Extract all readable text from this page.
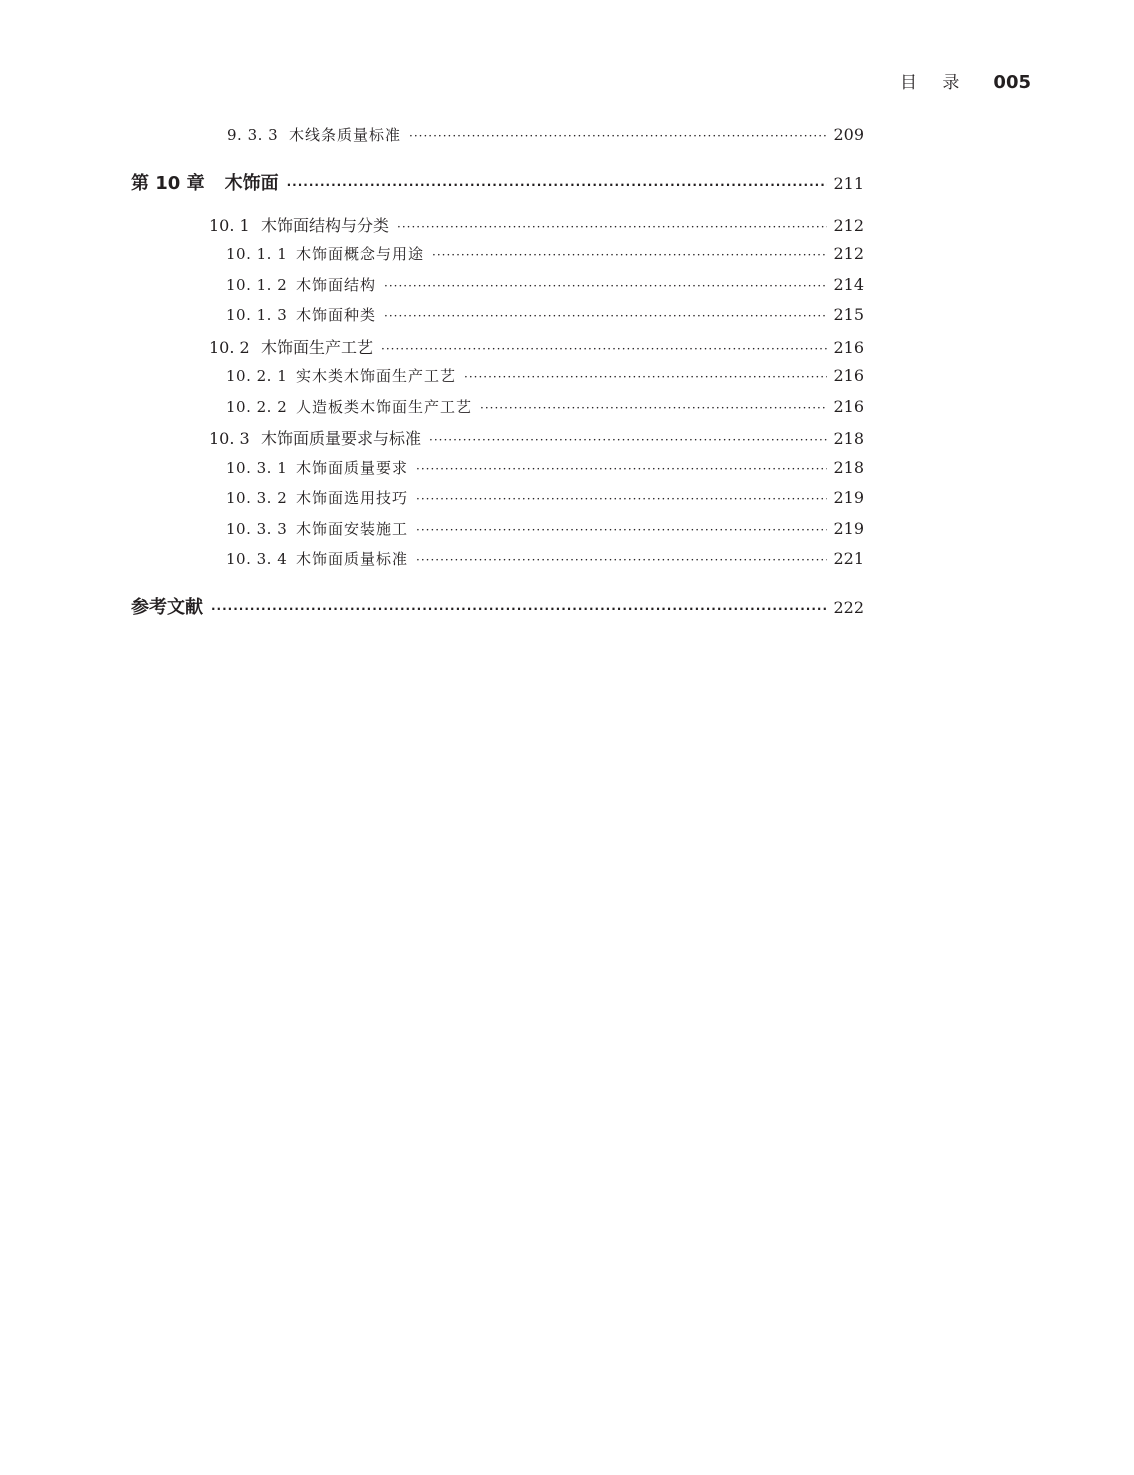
目 录 005
9. 3. 3 木线条质量标准 ·····	209
第 10 章 木饰面 ·····	211
10. 1 木饰面结构与分类 ·····	212
10. 1. 1 木饰面概念与用途 ·····	212
10. 1. 2 木饰面结构 ·····	214
10. 1. 3 木饰面种类 ·····	215
10. 2 木饰面生产工艺 ·····	216
10. 2. 1 实木类木饰面生产工艺 ·····	216
10. 2. 2 人造板类木饰面生产工艺 ·····	216
10. 3 木饰面质量要求与标准 ·····	218
10. 3. 1 木饰面质量要求 ·····	218
10. 3. 2 木饰面选用技巧 ·····	219
10. 3. 3 木饰面安装施工 ·····	219
10. 3. 4 木饰面质量标准 ·····	221
参考文献 ·····	222
